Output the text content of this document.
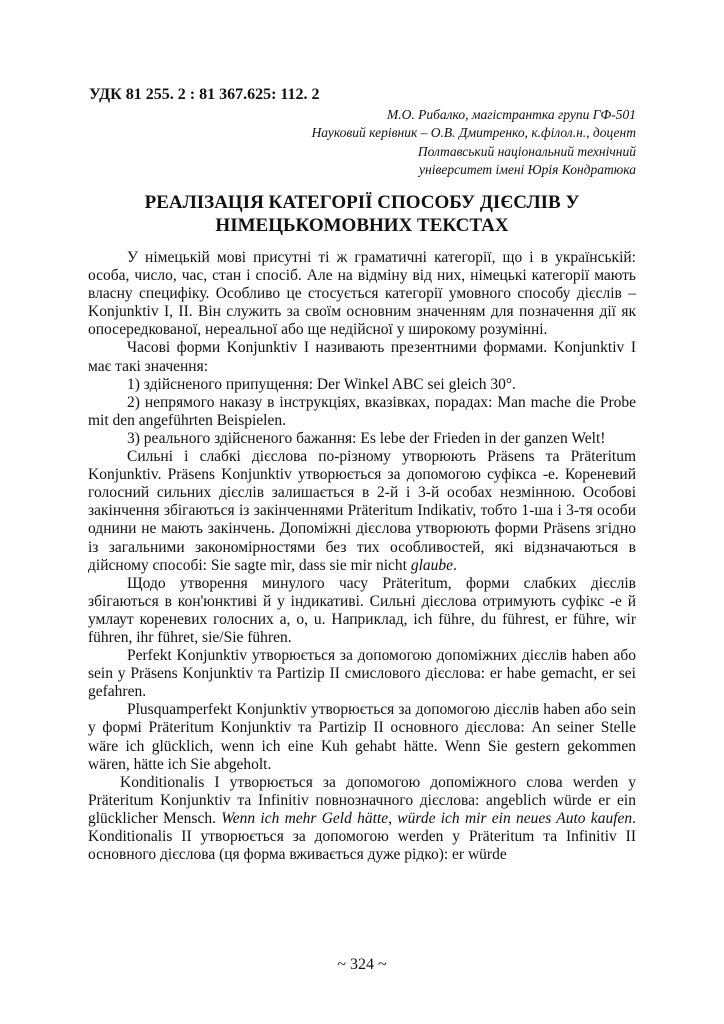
УДК 81 255. 2 : 81 367.625: 112. 2
М.О. Рибалко, магістрантка групи ГФ-501
Науковий керівник – О.В. Дмитренко, к.філол.н., доцент
Полтавський національний технічний
університет імені Юрія Кондратюка
РЕАЛІЗАЦІЯ КАТЕГОРІЇ СПОСОБУ ДІЄСЛІВ У
НІМЕЦЬКОМОВНИХ ТЕКСТАХ

У німецькій мові присутні ті ж граматичні категорії, що і в українській: особа, число, час, стан і спосіб. Але на відміну від них, німецькі категорії мають власну специфіку. Особливо це стосується категорії умовного способу дієслів – Konjunktiv I, II. Він служить за своїм основним значенням для позначення дії як опосередкованої, нереальної або ще недійсної у широкому розумінні.

Часові форми Konjunktiv I називають презентними формами. Konjunktiv I має такі значення:

1) здійсненого припущення: Der Winkel ABC sei gleich 30°.

2) непрямого наказу в інструкціях, вказівках, порадах: Man mache die Probe mit den angeführten Beispielen.

3) реального здійсненого бажання: Es lebe der Frieden in der ganzen Welt!

Сильні і слабкі дієслова по-різному утворюють Präsens та Präteritum Konjunktiv. Präsens Konjunktiv утворюється за допомогою суфікса -е. Кореневий голосний сильних дієслів залишається в 2-й і 3-й особах незмінною. Особові закінчення збігаються із закінченнями Präteritum Indikativ, тобто 1-ша і 3-тя особи однини не мають закінчень. Допоміжні дієслова утворюють форми Präsens згідно із загальними закономірностями без тих особливостей, які відзначаються в дійсному способі: Sie sagte mir, dass sie mir nicht glaube.

Щодо утворення минулого часу Präteritum, форми слабких дієслів збігаються в кон'юнктиві й у індикативі. Сильні дієслова отримують суфікс -е й умлаут кореневих голосних a, o, u. Наприклад, ich führe, du führest, er führe, wir führen, ihr führet, sie/Sie führen.

Perfekt Konjunktiv утворюється за допомогою допоміжних дієслів haben або sein у Präsens Konjunktiv та Partizip II смислового дієслова: er habe gemacht, er sei gefahren.

Plusquamperfekt Konjunktiv утворюється за допомогою дієслів haben або sein у формі Präteritum Konjunktiv та Partizip II основного дієслова: An seiner Stelle wäre ich glücklich, wenn ich eine Kuh gehabt hätte. Wenn Sie gestern gekommen wären, hätte ich Sie abgeholt.

Konditionalis I утворюється за допомогою допоміжного слова werden у Präteritum Konjunktiv та Infinitiv повнозначного дієслова: angeblich würde er ein glücklicher Mensch. Wenn ich mehr Geld hätte, würde ich mir ein neues Auto kaufen. Konditionalis II утворюється за допомогою werden у Präteritum та Infinitiv II основного дієслова (ця форма вживається дуже рідко): er würde

~ 324 ~
